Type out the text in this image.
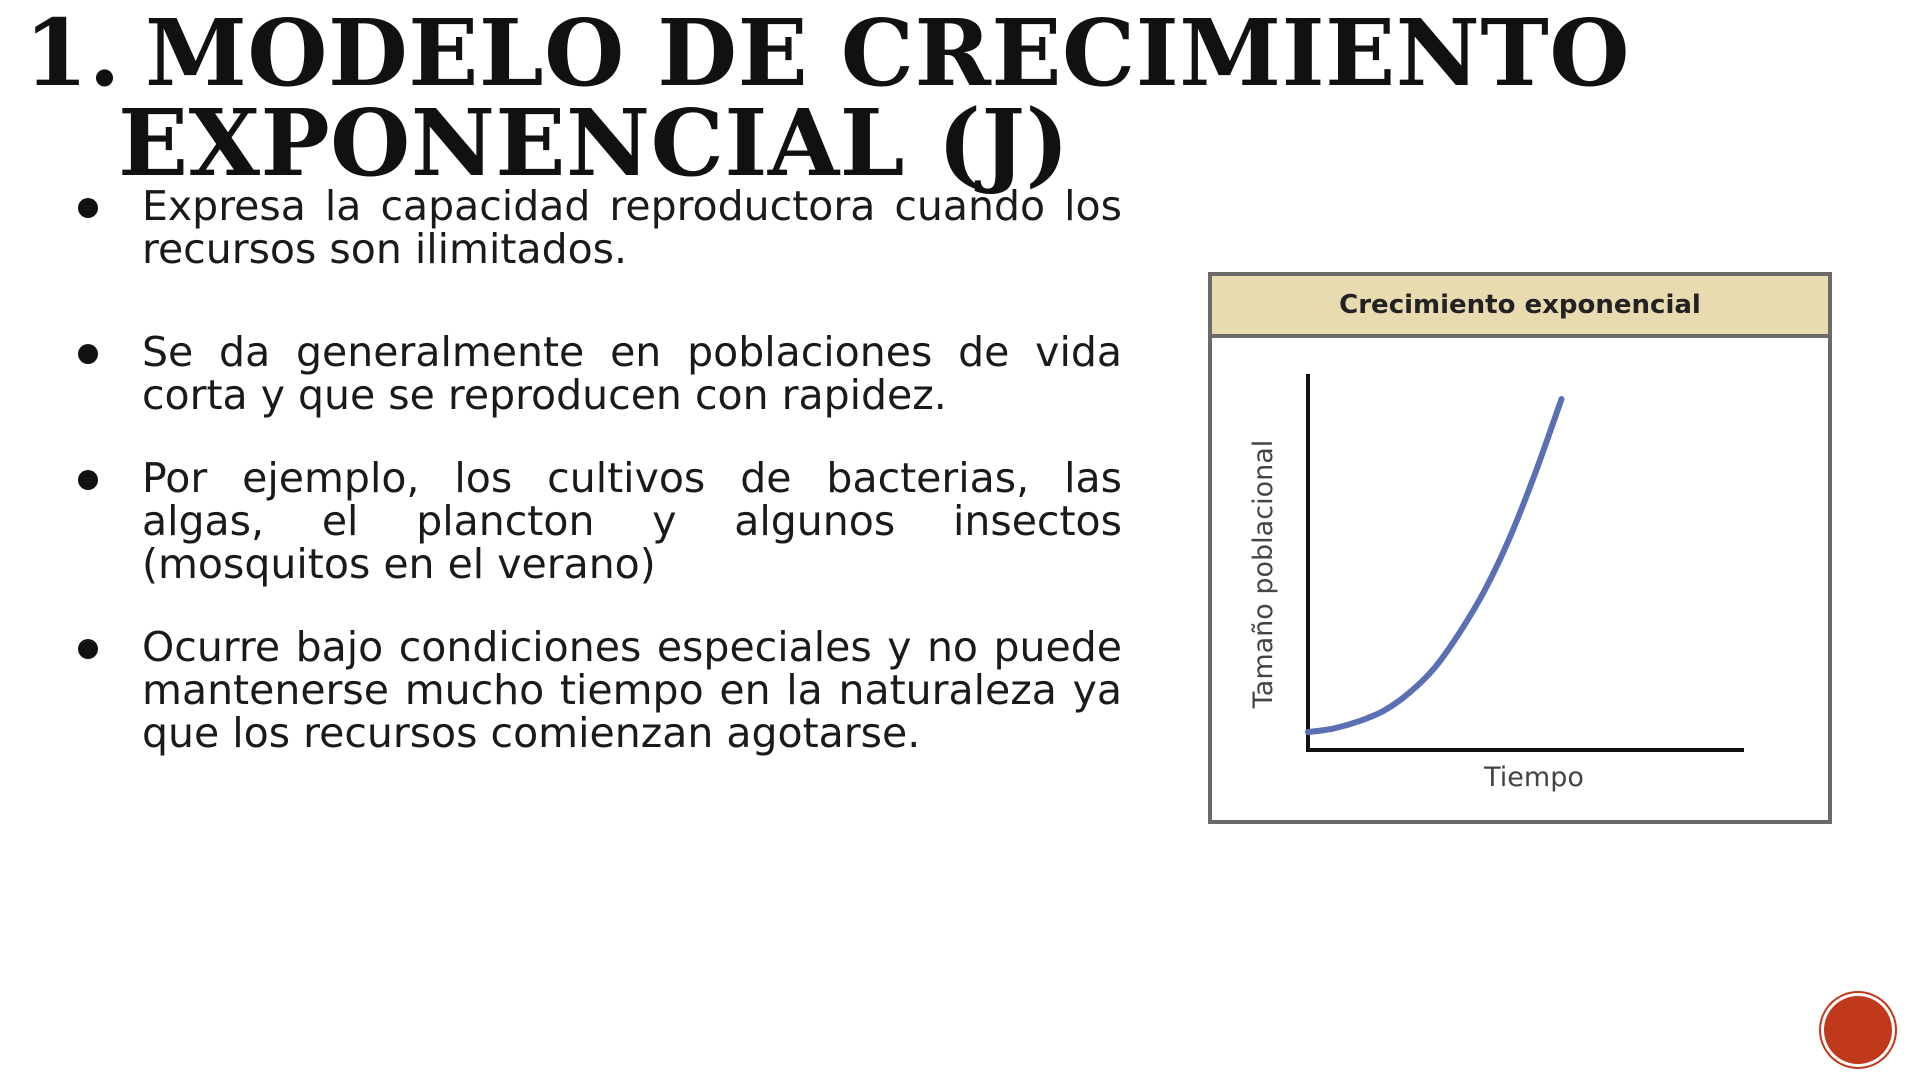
1. MODELO DE CRECIMIENTO
EXPONENCIAL (J)
Expresa la capacidad reproductora cuando los recursos son ilimitados.
Se da generalmente en poblaciones de vida corta y que se reproducen con rapidez.
Por ejemplo, los cultivos de bacterias, las algas, el plancton y algunos insectos (mosquitos en el verano)
Ocurre bajo condiciones especiales y no puede mantenerse mucho tiempo en la naturaleza ya que los recursos comienzan agotarse.
Crecimiento exponencial
Tiempo
Tamaño poblacional
